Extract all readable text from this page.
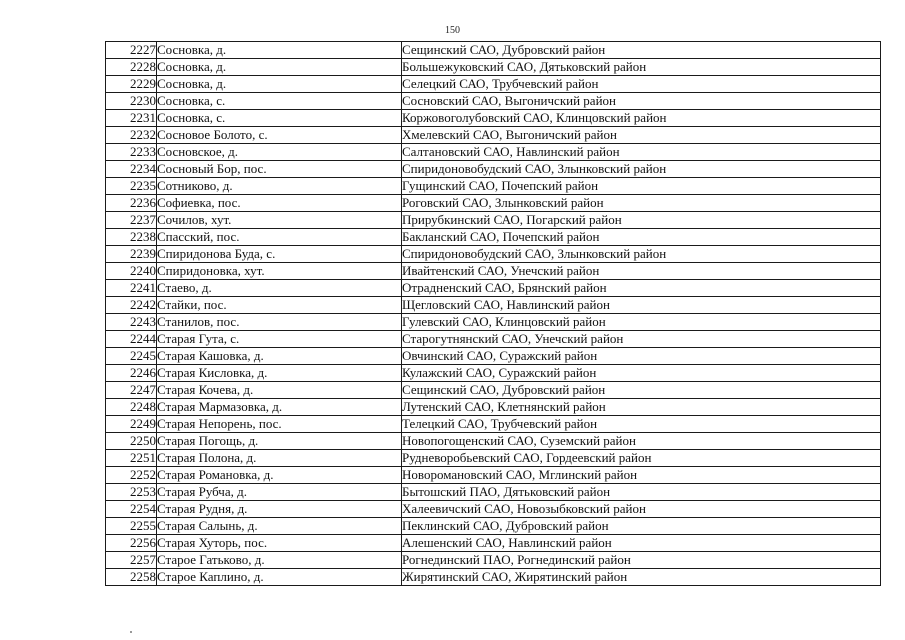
150
2227	Сосновка, д.	Сещинский САО, Дубровский район
2228	Сосновка, д.	Большежуковский САО, Дятьковский район
2229	Сосновка, д.	Селецкий САО, Трубчевский район
2230	Сосновка, с.	Сосновский САО, Выгоничский район
2231	Сосновка, с.	Коржовоголубовский САО, Клинцовский район
2232	Сосновое Болото, с.	Хмелевский САО, Выгоничский район
2233	Сосновское, д.	Салтановский САО, Навлинский район
2234	Сосновый Бор, пос.	Спиридоновобудский САО, Злынковский район
2235	Сотниково, д.	Гущинский САО, Почепский район
2236	Софиевка, пос.	Роговский САО, Злынковский район
2237	Сочилов, хут.	Прирубкинский САО, Погарский район
2238	Спасский, пос.	Бакланский САО, Почепский район
2239	Спиридонова Буда, с.	Спиридоновобудский САО, Злынковский район
2240	Спиридоновка, хут.	Ивайтенский САО, Унечский район
2241	Стаево, д.	Отрадненский САО, Брянский район
2242	Стайки, пос.	Щегловский САО, Навлинский район
2243	Станилов, пос.	Гулевский САО, Клинцовский район
2244	Старая Гута, с.	Старогутнянский САО, Унечский район
2245	Старая Кашовка, д.	Овчинский САО, Суражский район
2246	Старая Кисловка, д.	Кулажский САО, Суражский район
2247	Старая Кочева, д.	Сещинский САО, Дубровский район
2248	Старая Мармазовка, д.	Лутенский САО, Клетнянский район
2249	Старая Непорень, пос.	Телецкий САО, Трубчевский район
2250	Старая Погощь, д.	Новопогощенский САО, Суземский район
2251	Старая Полона, д.	Рудневоробьевский САО, Гордеевский район
2252	Старая Романовка, д.	Новоромановский САО, Мглинский район
2253	Старая Рубча, д.	Бытошский ПАО, Дятьковский район
2254	Старая Рудня, д.	Халеевичский САО, Новозыбковский район
2255	Старая Салынь, д.	Пеклинский САО, Дубровский район
2256	Старая Хуторь, пос.	Алешенский САО, Навлинский район
2257	Старое Гатьково, д.	Рогнединский ПАО, Рогнединский район
2258	Старое Каплино, д.	Жирятинский САО, Жирятинский район
